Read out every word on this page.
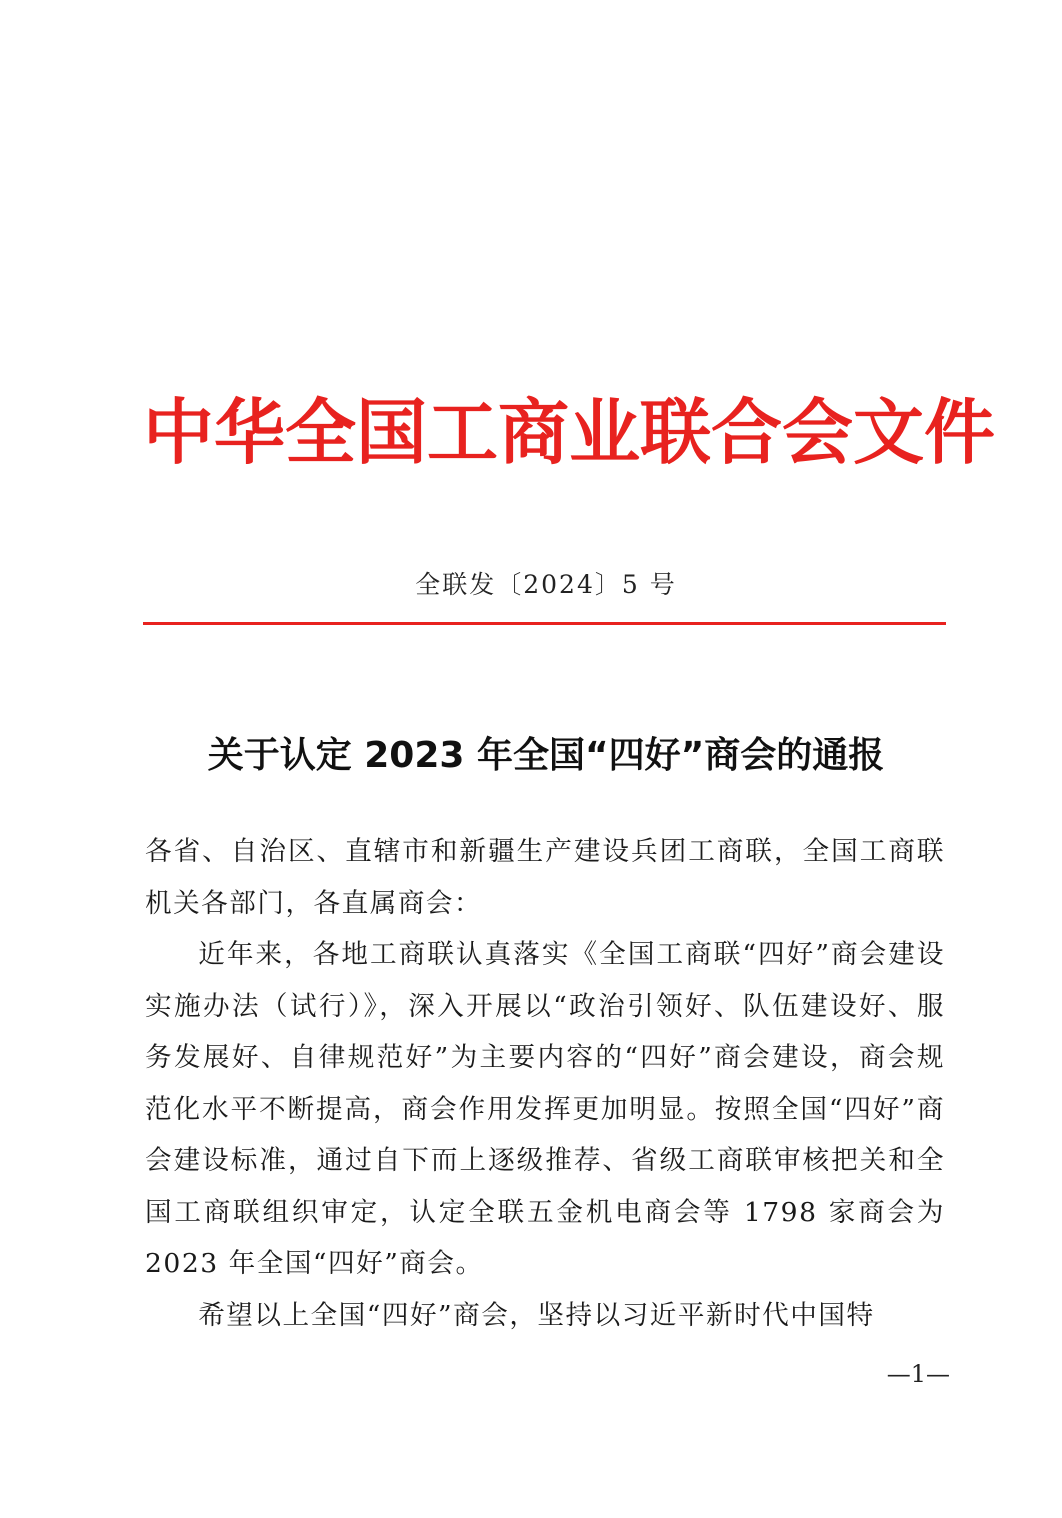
中华全国工商业联合会文件
全联发〔2024〕5 号
关于认定 2023 年全国“四好”商会的通报

各省、自治区、直辖市和新疆生产建设兵团工商联，全国工商联机关各部门，各直属商会：

近年来，各地工商联认真落实《全国工商联“四好”商会建设实施办法（试行）》，深入开展以“政治引领好、队伍建设好、服务发展好、自律规范好”为主要内容的“四好”商会建设，商会规范化水平不断提高，商会作用发挥更加明显。按照全国“四好”商会建设标准，通过自下而上逐级推荐、省级工商联审核把关和全国工商联组织审定，认定全联五金机电商会等 1798 家商会为 2023 年全国“四好”商会。

希望以上全国“四好”商会，坚持以习近平新时代中国特

—1—
